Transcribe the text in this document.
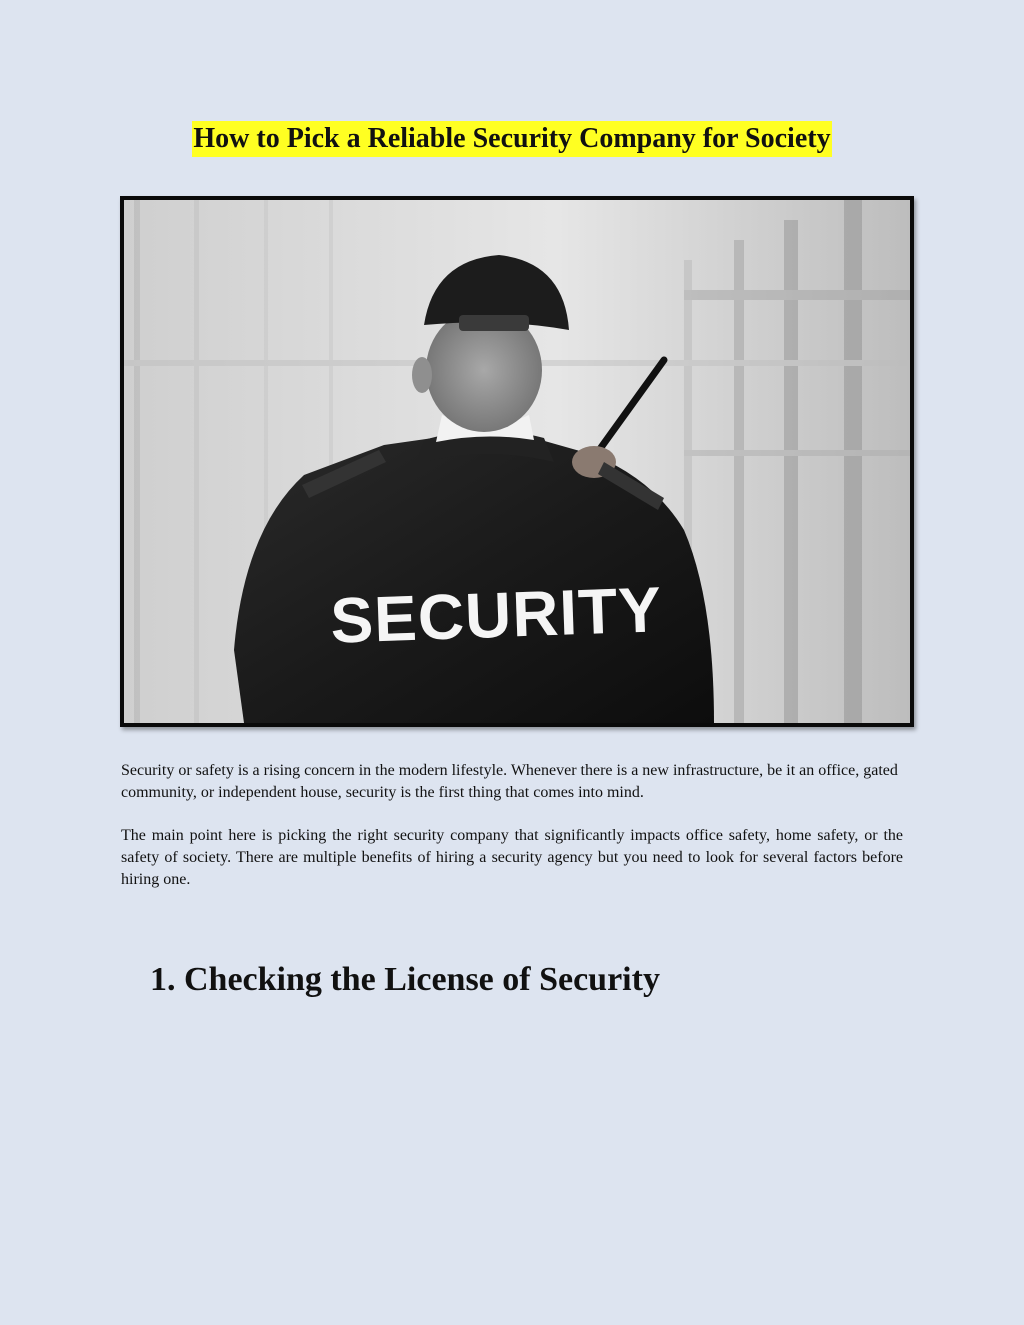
How to Pick a Reliable Security Company for Society
SECURITY

Security or safety is a rising concern in the modern lifestyle. Whenever there is a new infrastructure, be it an office, gated community, or independent house, security is the first thing that comes into mind.

The main point here is picking the right security company that significantly impacts office safety, home safety, or the safety of society. There are multiple benefits of hiring a security agency but you need to look for several factors before hiring one.

1. Checking the License of Security
